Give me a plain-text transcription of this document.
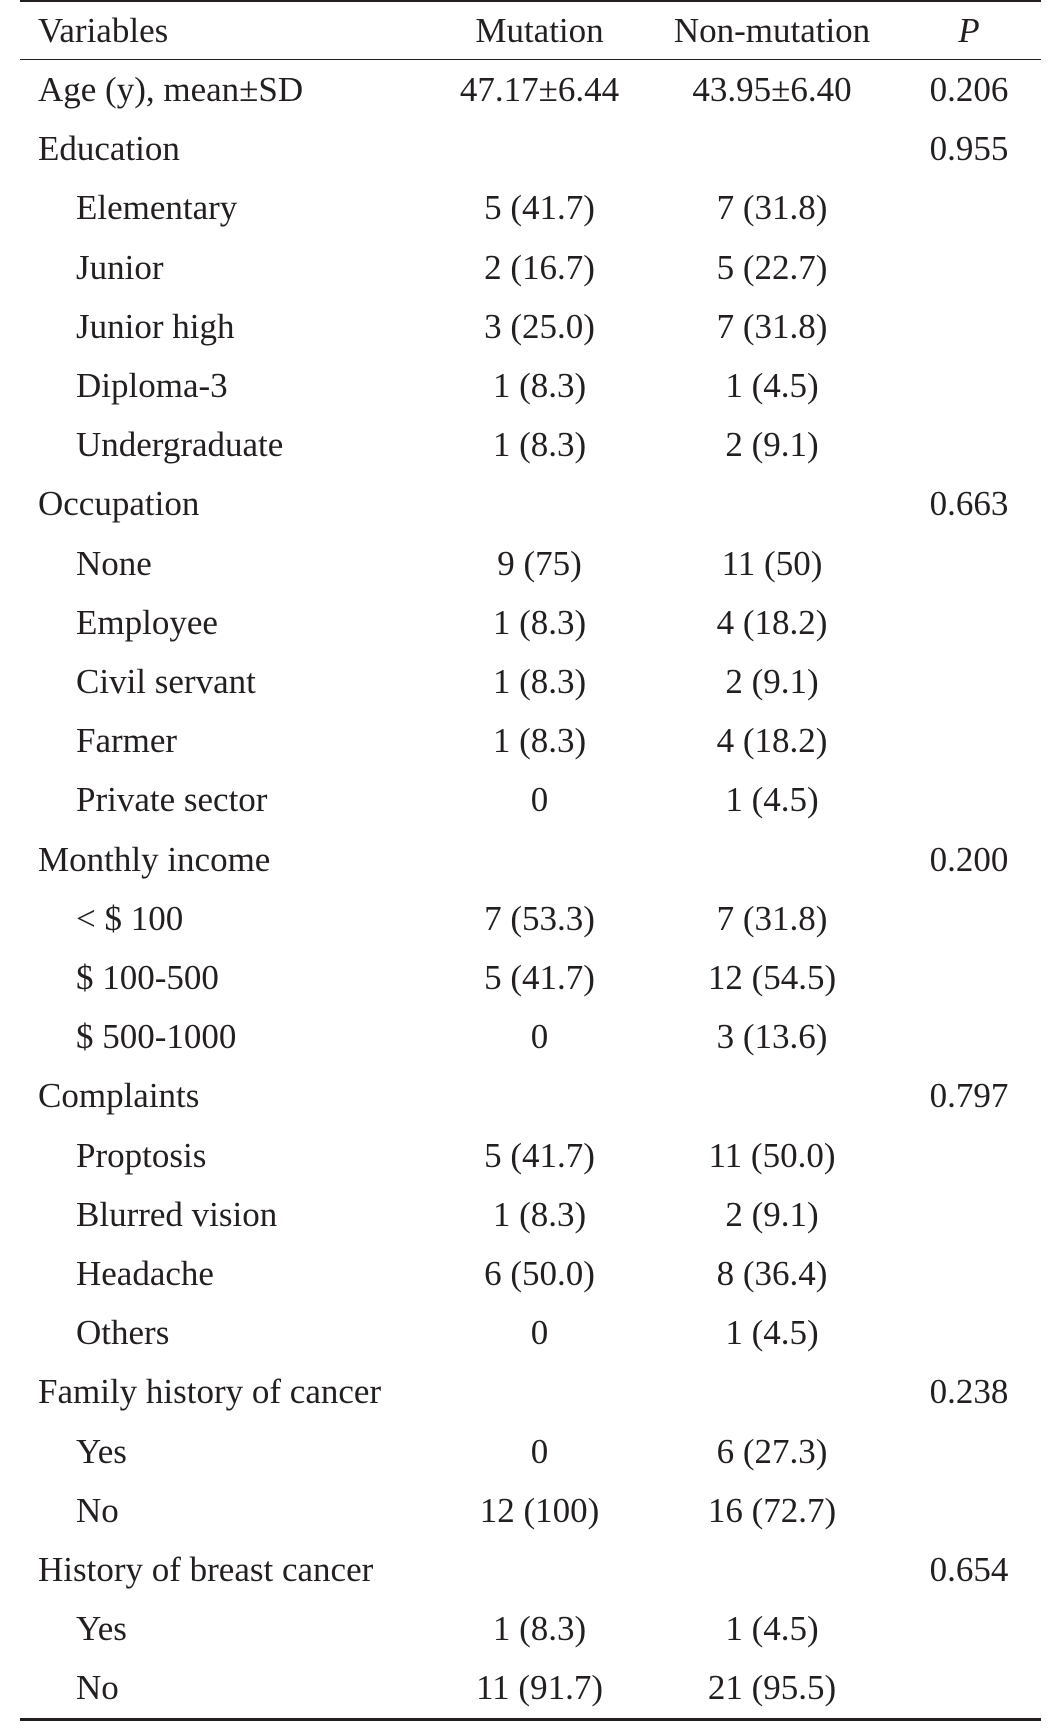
Variables	Mutation	Non-mutation	P
Age (y), mean±SD	47.17±6.44	43.95±6.40	0.206
Education			0.955
Elementary	5 (41.7)	7 (31.8)	
Junior	2 (16.7)	5 (22.7)	
Junior high	3 (25.0)	7 (31.8)	
Diploma-3	1 (8.3)	1 (4.5)	
Undergraduate	1 (8.3)	2 (9.1)	
Occupation			0.663
None	9 (75)	11 (50)	
Employee	1 (8.3)	4 (18.2)	
Civil servant	1 (8.3)	2 (9.1)	
Farmer	1 (8.3)	4 (18.2)	
Private sector	0	1 (4.5)	
Monthly income			0.200
< $ 100	7 (53.3)	7 (31.8)	
$ 100-500	5 (41.7)	12 (54.5)	
$ 500-1000	0	3 (13.6)	
Complaints			0.797
Proptosis	5 (41.7)	11 (50.0)	
Blurred vision	1 (8.3)	2 (9.1)	
Headache	6 (50.0)	8 (36.4)	
Others	0	1 (4.5)	
Family history of cancer			0.238
Yes	0	6 (27.3)	
No	12 (100)	16 (72.7)	
History of breast cancer			0.654
Yes	1 (8.3)	1 (4.5)	
No	11 (91.7)	21 (95.5)	
